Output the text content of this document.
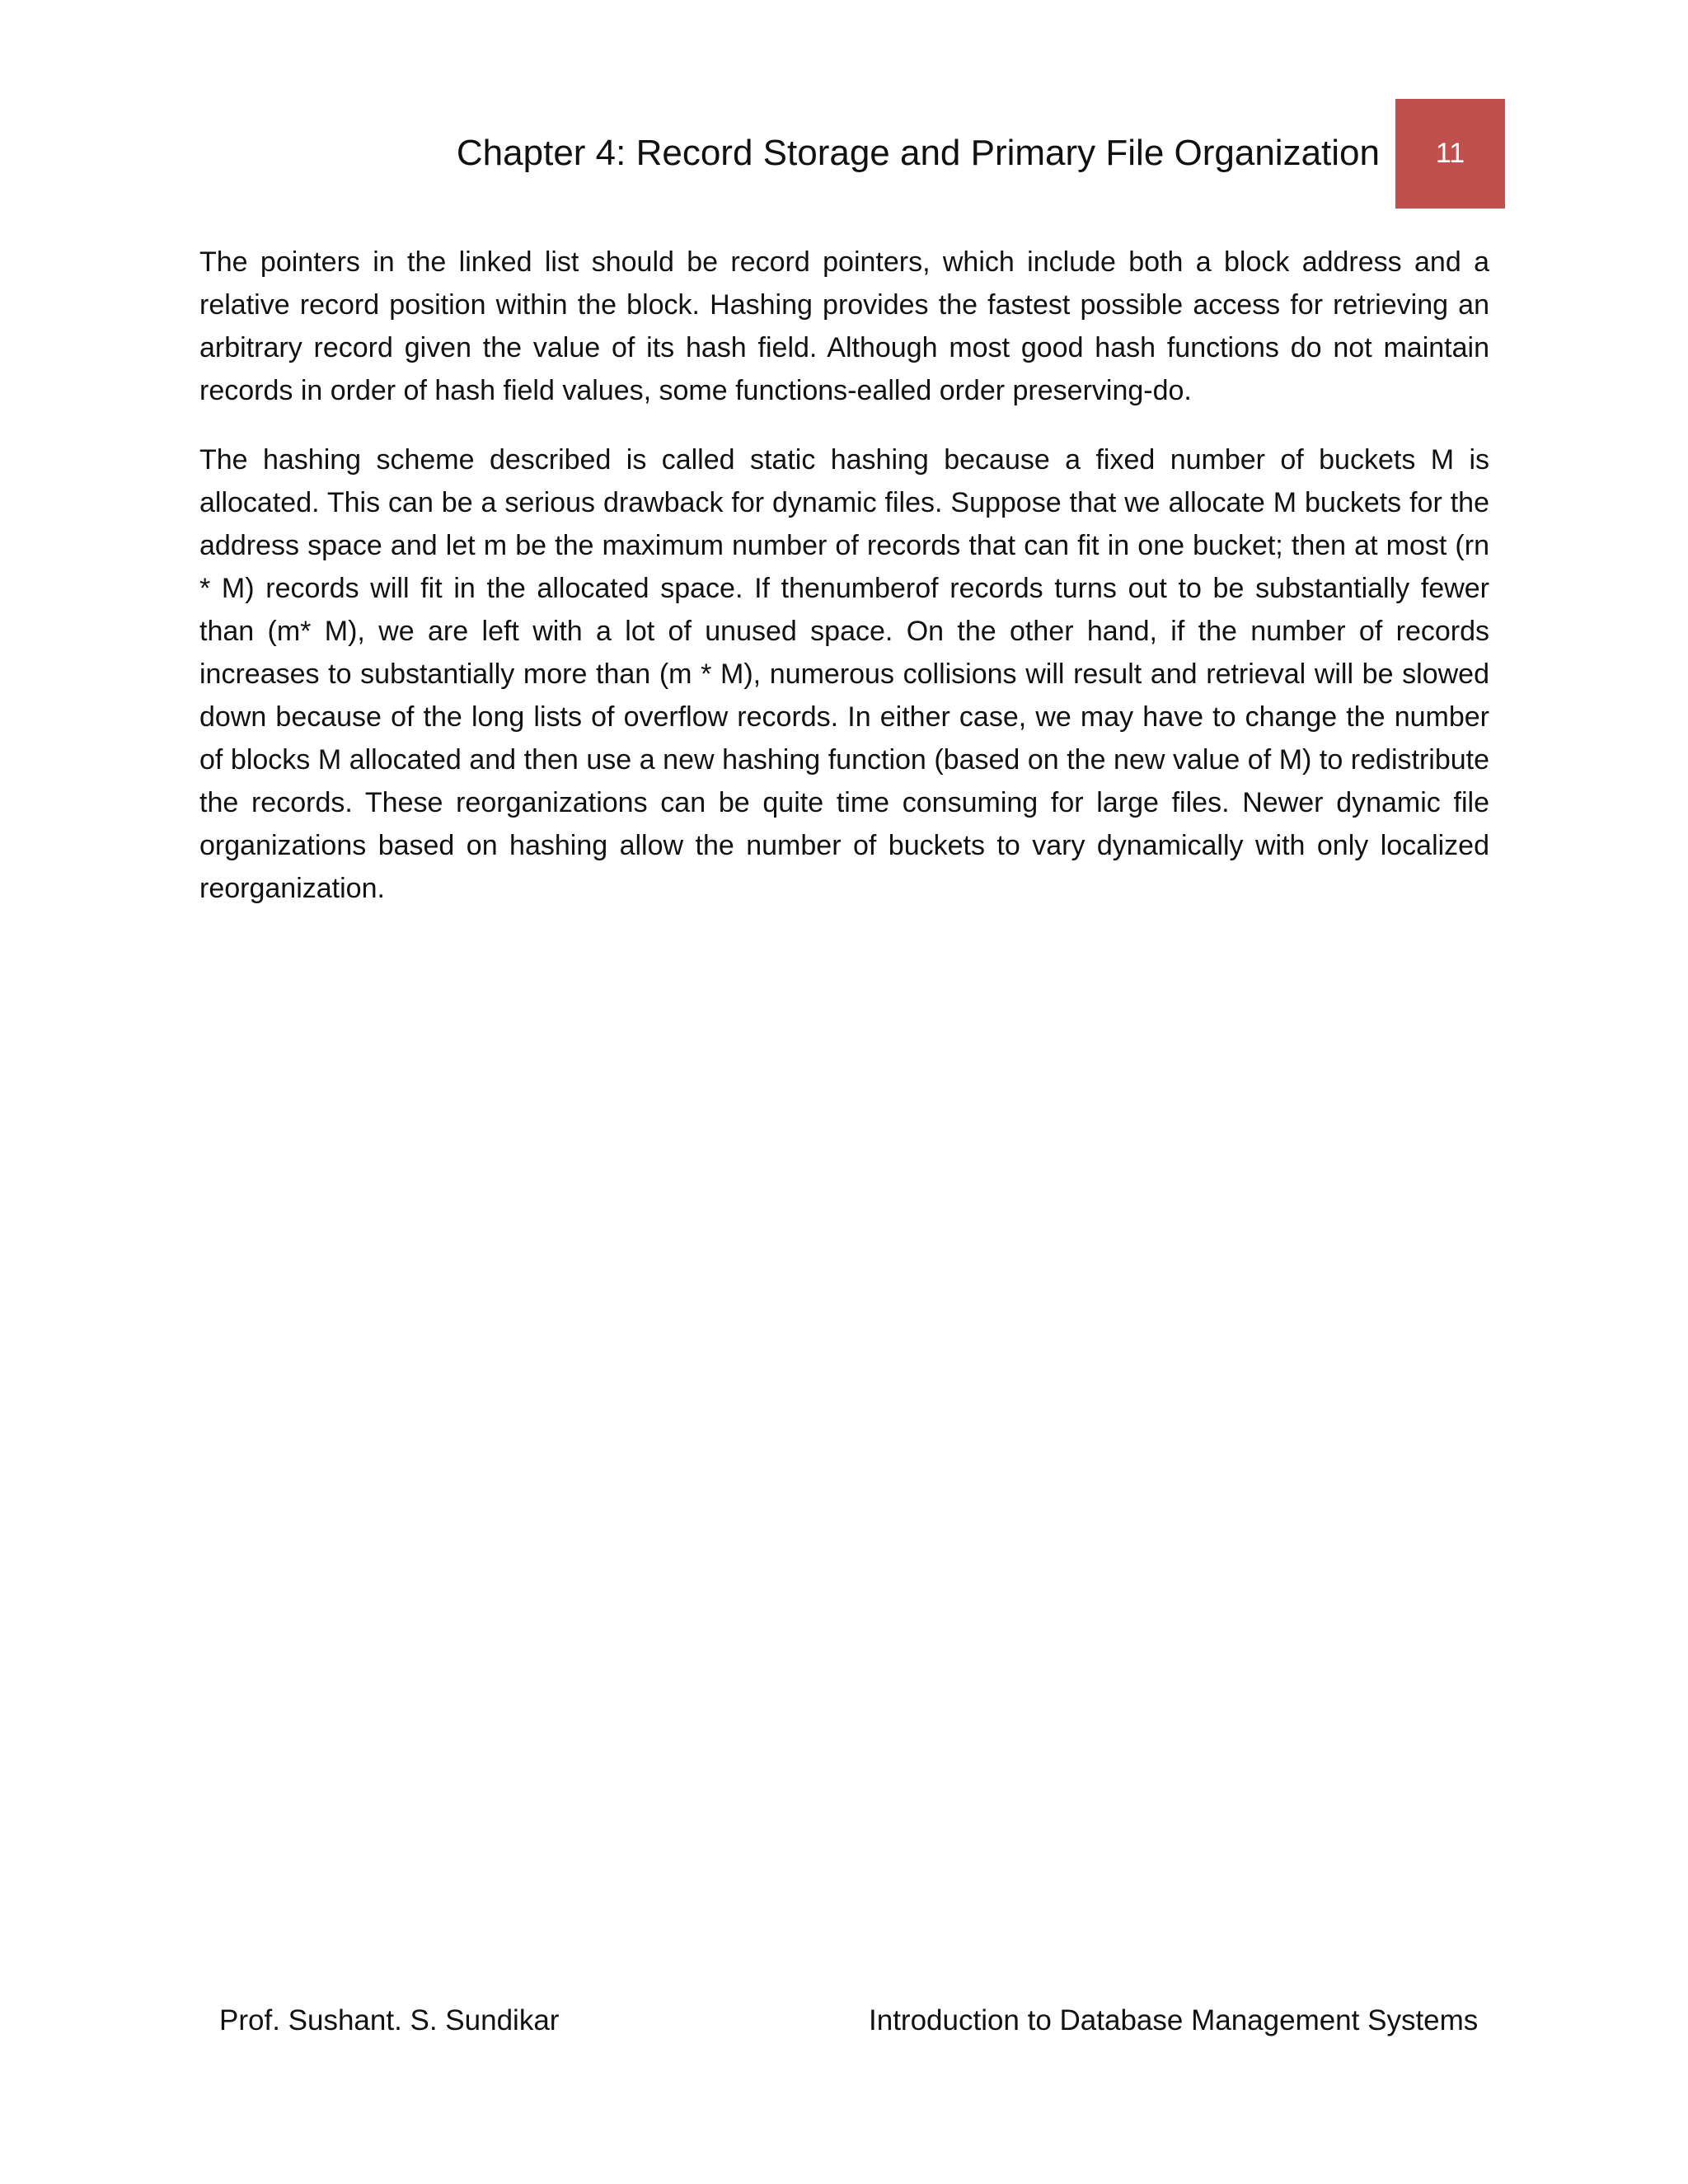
Chapter 4: Record Storage and Primary File Organization	11

The pointers in the linked list should be record pointers, which include both a block address and a relative record position within the block. Hashing provides the fastest possible access for retrieving an arbitrary record given the value of its hash field. Although most good hash functions do not maintain records in order of hash field values, some functions-ealled order preserving-do.

The hashing scheme described is called static hashing because a fixed number of buckets M is allocated. This can be a serious drawback for dynamic files. Suppose that we allocate M buckets for the address space and let m be the maximum number of records that can fit in one bucket; then at most (rn * M) records will fit in the allocated space. If thenumberof records turns out to be substantially fewer than (m* M), we are left with a lot of unused space. On the other hand, if the number of records increases to substantially more than (m * M), numerous collisions will result and retrieval will be slowed down because of the long lists of overflow records. In either case, we may have to change the number of blocks M allocated and then use a new hashing function (based on the new value of M) to redistribute the records. These reorganizations can be quite time consuming for large files. Newer dynamic file organizations based on hashing allow the number of buckets to vary dynamically with only localized reorganization.

Prof. Sushant. S. Sundikar	Introduction to Database Management Systems
